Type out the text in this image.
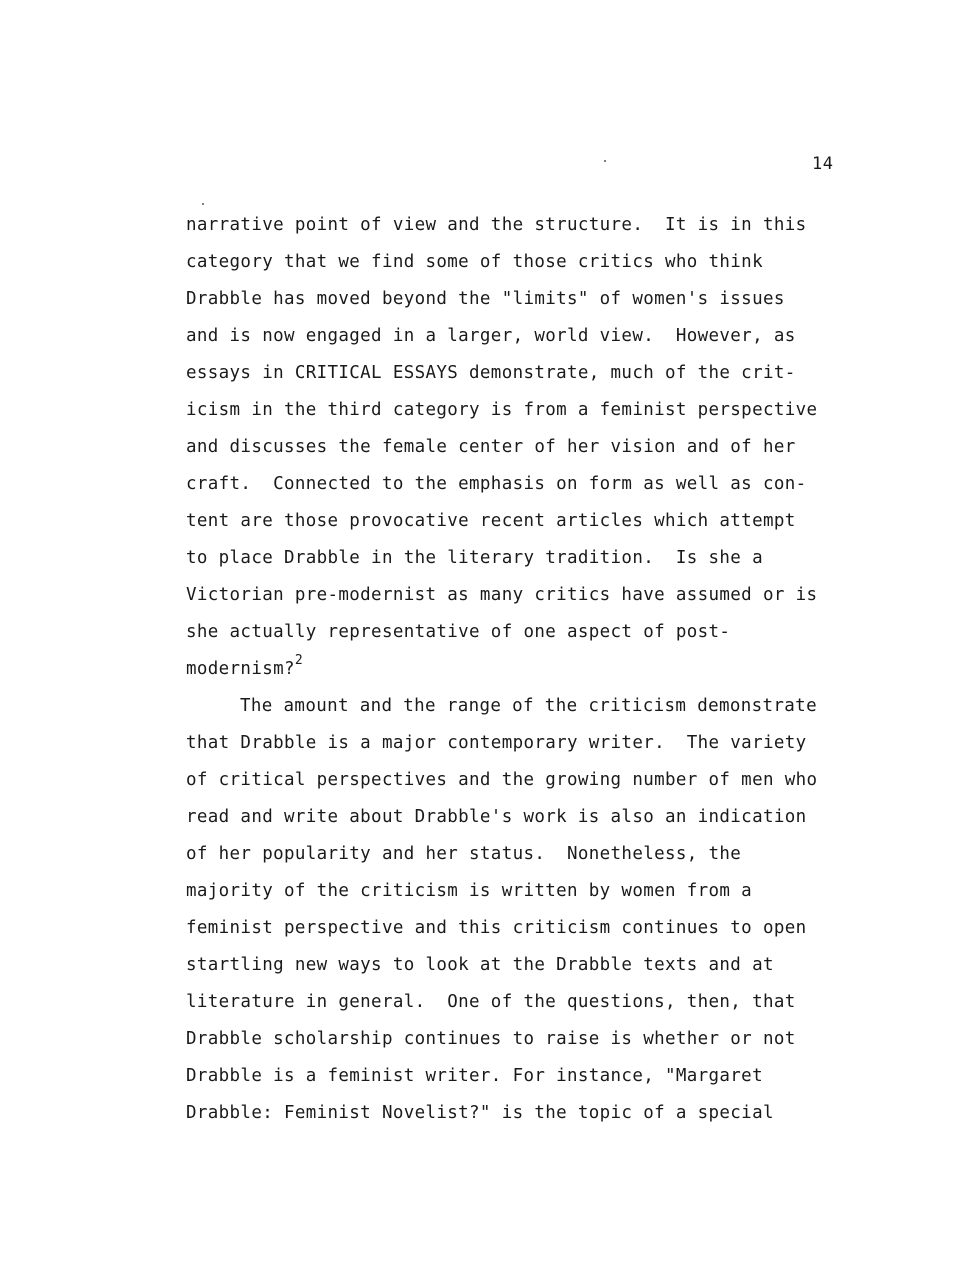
14
narrative point of view and the structure.  It is in this
category that we find some of those critics who think
Drabble has moved beyond the "limits" of women's issues
and is now engaged in a larger, world view.  However, as
essays in CRITICAL ESSAYS demonstrate, much of the crit-
icism in the third category is from a feminist perspective
and discusses the female center of her vision and of her
craft.  Connected to the emphasis on form as well as con-
tent are those provocative recent articles which attempt
to place Drabble in the literary tradition.  Is she a
Victorian pre-modernist as many critics have assumed or is
she actually representative of one aspect of post-
modernism?$^2$
The amount and the range of the criticism demonstrate
that Drabble is a major contemporary writer.  The variety
of critical perspectives and the growing number of men who
read and write about Drabble's work is also an indication
of her popularity and her status.  Nonetheless, the
majority of the criticism is written by women from a
feminist perspective and this criticism continues to open
startling new ways to look at the Drabble texts and at
literature in general.  One of the questions, then, that
Drabble scholarship continues to raise is whether or not
Drabble is a feminist writer. For instance, "Margaret
Drabble: Feminist Novelist?" is the topic of a special
